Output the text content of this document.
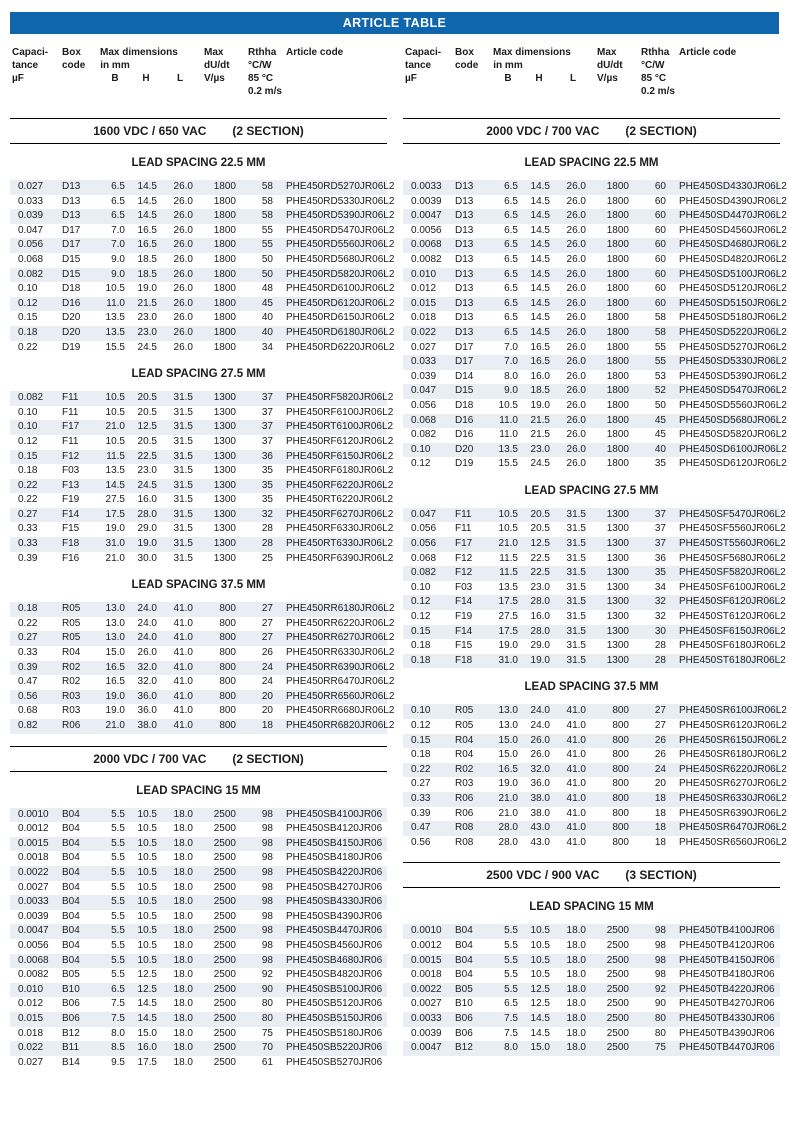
ARTICLE TABLE
Capaci-	Box	Max dimensions	Max	Rthha Article code
tance	code	in mm	dU/dt	°C/W
µF	B	H	L	V/µs	85 °C
0.2 m/s
1600 VDC / 650 VAC (2 SECTION)
LEAD SPACING 22.5 MM
0.027	D13	6.5	14.5	26.0	1800	58	PHE450RD5270JR06L2
0.033	D13	6.5	14.5	26.0	1800	58	PHE450RD5330JR06L2
0.039	D13	6.5	14.5	26.0	1800	58	PHE450RD5390JR06L2
0.047	D17	7.0	16.5	26.0	1800	55	PHE450RD5470JR06L2
0.056	D17	7.0	16.5	26.0	1800	55	PHE450RD5560JR06L2
0.068	D15	9.0	18.5	26.0	1800	50	PHE450RD5680JR06L2
0.082	D15	9.0	18.5	26.0	1800	50	PHE450RD5820JR06L2
0.10	D18	10.5	19.0	26.0	1800	48	PHE450RD6100JR06L2
0.12	D16	11.0	21.5	26.0	1800	45	PHE450RD6120JR06L2
0.15	D20	13.5	23.0	26.0	1800	40	PHE450RD6150JR06L2
0.18	D20	13.5	23.0	26.0	1800	40	PHE450RD6180JR06L2
0.22	D19	15.5	24.5	26.0	1800	34	PHE450RD6220JR06L2
LEAD SPACING 27.5 MM
0.082	F11	10.5	20.5	31.5	1300	37	PHE450RF5820JR06L2
0.10	F11	10.5	20.5	31.5	1300	37	PHE450RF6100JR06L2
0.10	F17	21.0	12.5	31.5	1300	37	PHE450RT6100JR06L2
0.12	F11	10.5	20.5	31.5	1300	37	PHE450RF6120JR06L2
0.15	F12	11.5	22.5	31.5	1300	36	PHE450RF6150JR06L2
0.18	F03	13.5	23.0	31.5	1300	35	PHE450RF6180JR06L2
0.22	F13	14.5	24.5	31.5	1300	35	PHE450RF6220JR06L2
0.22	F19	27.5	16.0	31.5	1300	35	PHE450RT6220JR06L2
0.27	F14	17.5	28.0	31.5	1300	32	PHE450RF6270JR06L2
0.33	F15	19.0	29.0	31.5	1300	28	PHE450RF6330JR06L2
0.33	F18	31.0	19.0	31.5	1300	28	PHE450RT6330JR06L2
0.39	F16	21.0	30.0	31.5	1300	25	PHE450RF6390JR06L2
LEAD SPACING 37.5 MM
0.18	R05	13.0	24.0	41.0	800	27	PHE450RR6180JR06L2
0.22	R05	13.0	24.0	41.0	800	27	PHE450RR6220JR06L2
0.27	R05	13.0	24.0	41.0	800	27	PHE450RR6270JR06L2
0.33	R04	15.0	26.0	41.0	800	26	PHE450RR6330JR06L2
0.39	R02	16.5	32.0	41.0	800	24	PHE450RR6390JR06L2
0.47	R02	16.5	32.0	41.0	800	24	PHE450RR6470JR06L2
0.56	R03	19.0	36.0	41.0	800	20	PHE450RR6560JR06L2
0.68	R03	19.0	36.0	41.0	800	20	PHE450RR6680JR06L2
0.82	R06	21.0	38.0	41.0	800	18	PHE450RR6820JR06L2
2000 VDC / 700 VAC (2 SECTION)
LEAD SPACING 15 MM
0.0010	B04	5.5	10.5	18.0	2500	98	PHE450SB4100JR06
0.0012	B04	5.5	10.5	18.0	2500	98	PHE450SB4120JR06
0.0015	B04	5.5	10.5	18.0	2500	98	PHE450SB4150JR06
0.0018	B04	5.5	10.5	18.0	2500	98	PHE450SB4180JR06
0.0022	B04	5.5	10.5	18.0	2500	98	PHE450SB4220JR06
0.0027	B04	5.5	10.5	18.0	2500	98	PHE450SB4270JR06
0.0033	B04	5.5	10.5	18.0	2500	98	PHE450SB4330JR06
0.0039	B04	5.5	10.5	18.0	2500	98	PHE450SB4390JR06
0.0047	B04	5.5	10.5	18.0	2500	98	PHE450SB4470JR06
0.0056	B04	5.5	10.5	18.0	2500	98	PHE450SB4560JR06
0.0068	B04	5.5	10.5	18.0	2500	98	PHE450SB4680JR06
0.0082	B05	5.5	12.5	18.0	2500	92	PHE450SB4820JR06
0.010	B10	6.5	12.5	18.0	2500	90	PHE450SB5100JR06
0.012	B06	7.5	14.5	18.0	2500	80	PHE450SB5120JR06
0.015	B06	7.5	14.5	18.0	2500	80	PHE450SB5150JR06
0.018	B12	8.0	15.0	18.0	2500	75	PHE450SB5180JR06
0.022	B11	8.5	16.0	18.0	2500	70	PHE450SB5220JR06
0.027	B14	9.5	17.5	18.0	2500	61	PHE450SB5270JR06
Capaci-	Box	Max dimensions	Max	Rthha Article code
tance	code	in mm	dU/dt	°C/W
µF	B	H	L	V/µs	85 °C
0.2 m/s
2000 VDC / 700 VAC (2 SECTION)
LEAD SPACING 22.5 MM
0.0033	D13	6.5	14.5	26.0	1800	60	PHE450SD4330JR06L2
0.0039	D13	6.5	14.5	26.0	1800	60	PHE450SD4390JR06L2
0.0047	D13	6.5	14.5	26.0	1800	60	PHE450SD4470JR06L2
0.0056	D13	6.5	14.5	26.0	1800	60	PHE450SD4560JR06L2
0.0068	D13	6.5	14.5	26.0	1800	60	PHE450SD4680JR06L2
0.0082	D13	6.5	14.5	26.0	1800	60	PHE450SD4820JR06L2
0.010	D13	6.5	14.5	26.0	1800	60	PHE450SD5100JR06L2
0.012	D13	6.5	14.5	26.0	1800	60	PHE450SD5120JR06L2
0.015	D13	6.5	14.5	26.0	1800	60	PHE450SD5150JR06L2
0.018	D13	6.5	14.5	26.0	1800	58	PHE450SD5180JR06L2
0.022	D13	6.5	14.5	26.0	1800	58	PHE450SD5220JR06L2
0.027	D17	7.0	16.5	26.0	1800	55	PHE450SD5270JR06L2
0.033	D17	7.0	16.5	26.0	1800	55	PHE450SD5330JR06L2
0.039	D14	8.0	16.0	26.0	1800	53	PHE450SD5390JR06L2
0.047	D15	9.0	18.5	26.0	1800	52	PHE450SD5470JR06L2
0.056	D18	10.5	19.0	26.0	1800	50	PHE450SD5560JR06L2
0.068	D16	11.0	21.5	26.0	1800	45	PHE450SD5680JR06L2
0.082	D16	11.0	21.5	26.0	1800	45	PHE450SD5820JR06L2
0.10	D20	13.5	23.0	26.0	1800	40	PHE450SD6100JR06L2
0.12	D19	15.5	24.5	26.0	1800	35	PHE450SD6120JR06L2
LEAD SPACING 27.5 MM
0.047	F11	10.5	20.5	31.5	1300	37	PHE450SF5470JR06L2
0.056	F11	10.5	20.5	31.5	1300	37	PHE450SF5560JR06L2
0.056	F17	21.0	12.5	31.5	1300	37	PHE450ST5560JR06L2
0.068	F12	11.5	22.5	31.5	1300	36	PHE450SF5680JR06L2
0.082	F12	11.5	22.5	31.5	1300	35	PHE450SF5820JR06L2
0.10	F03	13.5	23.0	31.5	1300	34	PHE450SF6100JR06L2
0.12	F14	17.5	28.0	31.5	1300	32	PHE450SF6120JR06L2
0.12	F19	27.5	16.0	31.5	1300	32	PHE450ST6120JR06L2
0.15	F14	17.5	28.0	31.5	1300	30	PHE450SF6150JR06L2
0.18	F15	19.0	29.0	31.5	1300	28	PHE450SF6180JR06L2
0.18	F18	31.0	19.0	31.5	1300	28	PHE450ST6180JR06L2
LEAD SPACING 37.5 MM
0.10	R05	13.0	24.0	41.0	800	27	PHE450SR6100JR06L2
0.12	R05	13.0	24.0	41.0	800	27	PHE450SR6120JR06L2
0.15	R04	15.0	26.0	41.0	800	26	PHE450SR6150JR06L2
0.18	R04	15.0	26.0	41.0	800	26	PHE450SR6180JR06L2
0.22	R02	16.5	32.0	41.0	800	24	PHE450SR6220JR06L2
0.27	R03	19.0	36.0	41.0	800	20	PHE450SR6270JR06L2
0.33	R06	21.0	38.0	41.0	800	18	PHE450SR6330JR06L2
0.39	R06	21.0	38.0	41.0	800	18	PHE450SR6390JR06L2
0.47	R08	28.0	43.0	41.0	800	18	PHE450SR6470JR06L2
0.56	R08	28.0	43.0	41.0	800	18	PHE450SR6560JR06L2
2500 VDC / 900 VAC (3 SECTION)
LEAD SPACING 15 MM
0.0010	B04	5.5	10.5	18.0	2500	98	PHE450TB4100JR06
0.0012	B04	5.5	10.5	18.0	2500	98	PHE450TB4120JR06
0.0015	B04	5.5	10.5	18.0	2500	98	PHE450TB4150JR06
0.0018	B04	5.5	10.5	18.0	2500	98	PHE450TB4180JR06
0.0022	B05	5.5	12.5	18.0	2500	92	PHE450TB4220JR06
0.0027	B10	6.5	12.5	18.0	2500	90	PHE450TB4270JR06
0.0033	B06	7.5	14.5	18.0	2500	80	PHE450TB4330JR06
0.0039	B06	7.5	14.5	18.0	2500	80	PHE450TB4390JR06
0.0047	B12	8.0	15.0	18.0	2500	75	PHE450TB4470JR06
